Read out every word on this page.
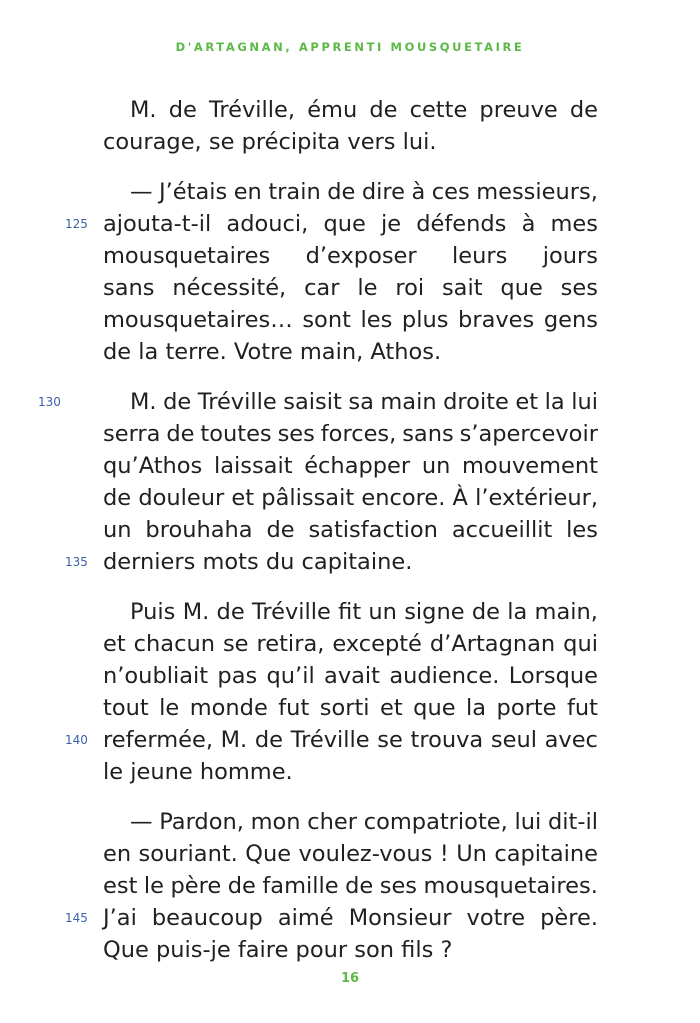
D'ARTAGNAN, APPRENTI MOUSQUETAIRE
M. de Tréville, ému de cette preuve de
courage, se précipita vers lui.
— J’étais en train de dire à ces messieurs,
125 ajouta-t-il adouci, que je défends à mes
mousquetaires d’exposer leurs jours
sans nécessité, car le roi sait que ses
mousquetaires… sont les plus braves gens
de la terre. Votre main, Athos.
130	M. de Tréville saisit sa main droite et la lui
serra de toutes ses forces, sans s’apercevoir
qu’Athos laissait échapper un mouvement
de douleur et pâlissait encore. À l’extérieur,
un brouhaha de satisfaction accueillit les
135 derniers mots du capitaine.
Puis M. de Tréville fit un signe de la main,
et chacun se retira, excepté d’Artagnan qui
n’oubliait pas qu’il avait audience. Lorsque
tout le monde fut sorti et que la porte fut
140 refermée, M. de Tréville se trouva seul avec
le jeune homme.
— Pardon, mon cher compatriote, lui dit-il
en souriant. Que voulez-vous ! Un capitaine
est le père de famille de ses mousquetaires.
145 J’ai beaucoup aimé Monsieur votre père.
Que puis-je faire pour son fils ?
16
